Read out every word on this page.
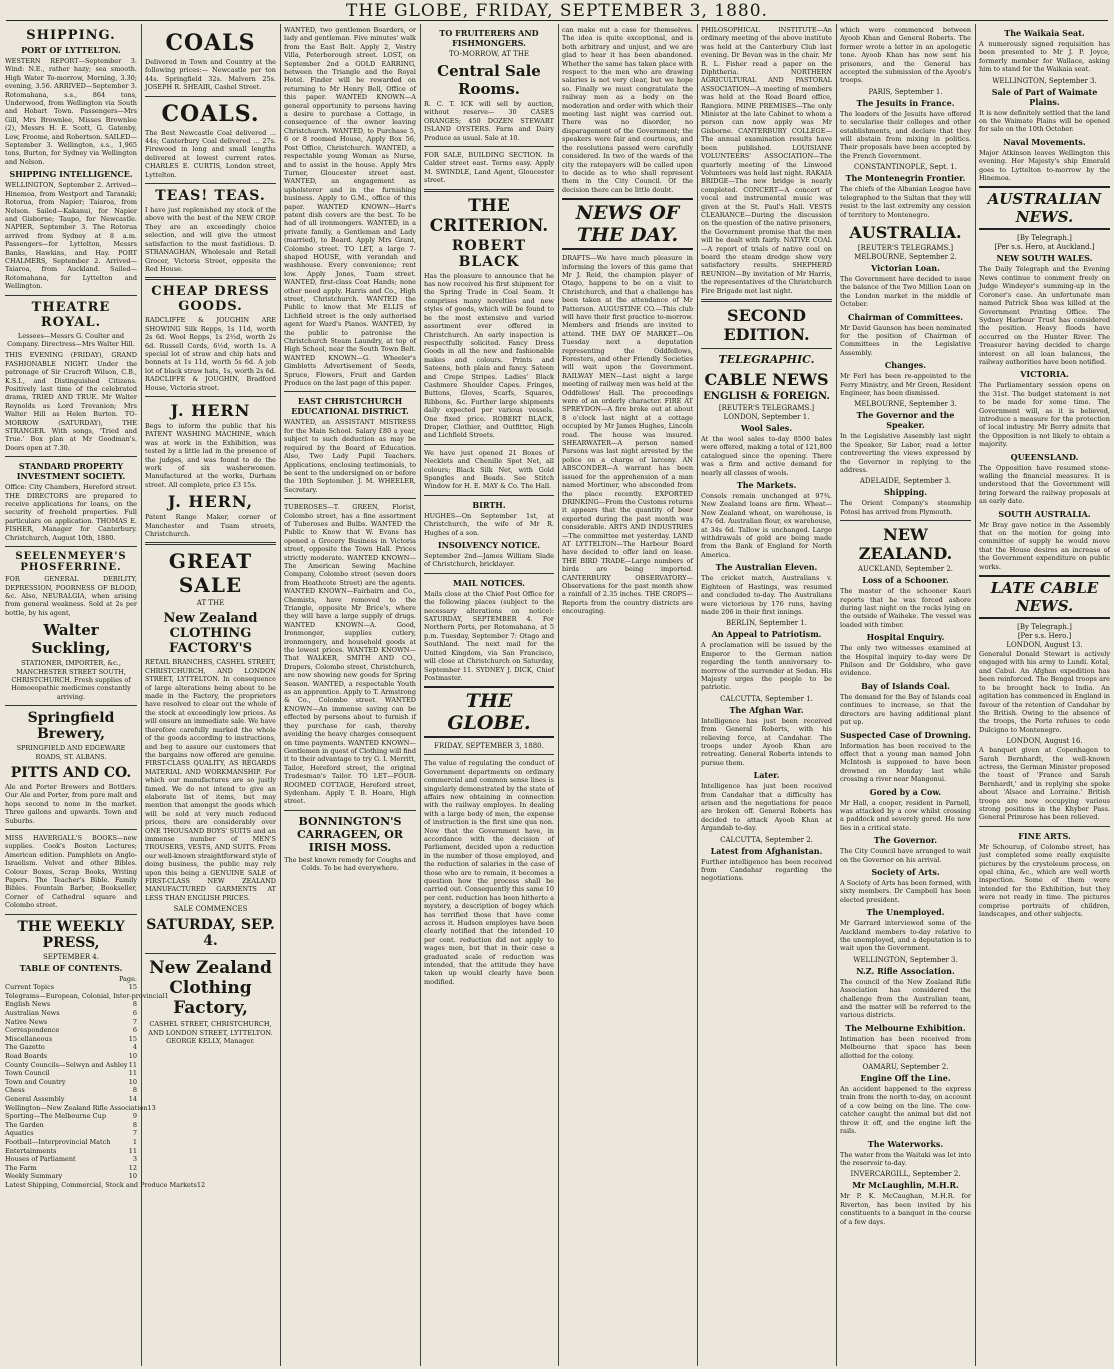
THE GLOBE, FRIDAY, SEPTEMBER 3, 1880.
SHIPPING.
PORT OF LYTTELTON.

WESTERN REPORT—September 3. Wind: N.E., rather hazy; sea smooth. High Water To-morrow, Morning, 3.30; evening, 3.56. ARRIVED—September 3. Rotomahana, s.s., 864 tons, Underwood, from Wellington via South and Hobart Town. Passengers—Mrs Gill, Mrs Brownlee, Misses Brownlee (2), Messrs H. E. Scott, G. Gatenby, Low, Froome, and Robertson. SAILED—September 3. Wellington, s.s., 1,965 tons, Burton, for Sydney via Wellington and Nelson.

SHIPPING INTELLIGENCE.

WELLINGTON, September 2. Arrived—Hinemoa, from Westport and Taranaki; Rotorua, from Napier; Taiaroa, from Nelson. Sailed—Kakanui, for Napier and Gisborne; Taupo, for Newcastle. NAPIER, September 3. The Rotorua arrived from Sydney at 8 a.m. Passengers—for Lyttelton, Messrs Banks, Hawkins, and Hay. PORT CHALMERS, September 2. Arrived—Taiaroa, from Auckland. Sailed—Rotomahana, for Lyttelton and Wellington.

THEATRE ROYAL.

Lessees—Messrs G. Coulter and Company. Directress—Mrs Walter Hill.

THIS EVENING (FRIDAY), GRAND FASHIONABLE NIGHT. Under the patronage of Sir Cracroft Wilson, C.B., K.S.I., and Distinguished Citizens. Positively last time of the celebrated drama, TRIED AND TRUE. Mr Walter Reynolds as Lord Trevanion; Mrs Walter Hill as Helen Burton. TO-MORROW (SATURDAY), THE STRANGER. With songs, 'Tried and True.' Box plan at Mr Goodman's. Doors open at 7.30.

STANDARD PROPERTY INVESTMENT SOCIETY.

Office: City Chambers, Hereford street. THE DIRECTORS are prepared to receive applications for loans, on the security of freehold properties. Full particulars on application. THOMAS E. FISHER, Manager for Canterbury. Christchurch, August 10th, 1880.

SEELENMEYER'S PHOSFERRINE.

FOR GENERAL DEBILITY, DEPRESSION, POORNESS OF BLOOD, &c. Also, NEURALGIA, when arising from general weakness. Sold at 2s per bottle, by his agent,

Walter Suckling,

STATIONER, IMPORTER, &c., MANCHESTER STREET SOUTH, CHRISTCHURCH. Fresh supplies of Homoeopathic medicines constantly arriving.

Springfield Brewery,

SPRINGFIELD AND EDGEWARE ROADS, ST. ALBANS.

PITTS AND CO.

Ale and Porter Brewers and Bottlers. Our Ale and Porter, from pure malt and hops second to none in the market. Three gallons and upwards. Town and Suburbs.

MISS HAVERGALL'S BOOKS—new supplies. Cook's Boston Lectures; American edition. Pamphlets on Anglo-Israelism. Velvet and other Bibles. Colour Boxes, Scrap Books, Writing Papers. The Teacher's Bible. Family Bibles. Fountain Barber, Bookseller, Corner of Cathedral square and Colombo street.

THE WEEKLY PRESS,
SEPTEMBER 4.
TABLE OF CONTENTS.
Page.
Current Topics	15
Telegrams—European, Colonial, Inter-provincial 1
English News	8
Australian News	6
Native News	7
Correspondence	6
Miscellaneous	15
The Gazette	4
Road Boards	10
County Councils—Selwyn and Ashley 11
Town Council	11
Town and Country	10
Chess	8
General Assembly	14
Wellington—New Zealand Rifle Association 13
Sporting—The Melbourne Cup	9
The Garden	8
Aquatics	7
Football—Interprovincial Match	1
Entertainments	11
Houses of Parliament	3
The Farm	12
Weekly Summary	10
Latest Shipping, Commercial, Stock and Produce Markets 12
COALS

Delivered in Town and Country at the following prices:— Newcastle per ton 44s. Springfield 32s. Malvern 25s. JOSEPH R. SHEAIR, Cashel Street.

COALS.

The Best Newcastle Coal delivered ... 44s; Canterbury Coal delivered ... 27s. Firewood in long and small lengths delivered at lowest current rates. CHARLES E. CURTIS, London street, Lyttelton.

TEAS! TEAS.

I have just replenished my stock of the above with the best of the NEW CROP. They are an exceedingly choice selection, and will give the utmost satisfaction to the most fastidious. D. STRANAGHAN, Wholesale and Retail Grocer, Victoria Street, opposite the Red House.

CHEAP DRESS GOODS.

RADCLIFFE & JOUGHIN ARE SHOWING Silk Repps, 1s 11d, worth 2s 6d. Wool Repps, 1s 2½d, worth 2s 6d. Russell Cords, 6½d, worth 1s. A special lot of straw and chip hats and bonnets at 1s 11d, worth 5s 6d. A job lot of black straw hats, 1s, worth 2s 6d. RADCLIFFE & JOUGHIN, Bradford House, Victoria street.

J. HERN

Begs to inform the public that his PATENT WASHING MACHINE, which was at work in the Exhibition, was tested by a little lad in the presence of the judges, and was found to do the work of six washerwomen. Manufactured at the works, Durham street. All complete, price £3 15s.

J. HERN,

Patent Range Maker, corner of Manchester and Tuam streets, Christchurch.

GREAT SALE
AT THE
New Zealand CLOTHING FACTORY'S

RETAIL BRANCHES, CASHEL STREET, CHRISTCHURCH, AND LONDON STREET, LYTTELTON. In consequence of large alterations being about to be made in the Factory, the proprietors have resolved to clear out the whole of the stock at exceedingly low prices. As will ensure an immediate sale. We have therefore carefully marked the whole of the goods according to instructions, and beg to assure our customers that the bargains now offered are genuine. FIRST-CLASS QUALITY, AS REGARDS MATERIAL AND WORKMANSHIP. For which our manufactures are so justly famed. We do not intend to give an elaborate list of items, but may mention that amongst the goods which will be sold at very much reduced prices, there are considerably over ONE THOUSAND BOYS' SUITS and an immense number of MEN'S TROUSERS, VESTS, AND SUITS. From our well-known straightforward style of doing business, the public may rely upon this being a GENUINE SALE of FIRST-CLASS NEW ZEALAND MANUFACTURED GARMENTS AT LESS THAN ENGLISH PRICES.

SALE COMMENCES
SATURDAY, SEP. 4.
New Zealand Clothing Factory,

CASHEL STREET, CHRISTCHURCH, AND LONDON STREET, LYTTELTON. GEORGE KELLY, Manager.

WANTED, two gentlemen Boarders, or lady and gentleman. Five minutes' walk from the East Belt. Apply 2, Vestry Villa, Peterborough street. LOST, on September 2nd a GOLD EARRING, between the Triangle and the Royal Hotel. Finder will be rewarded on returning to Mr Henry Bell, Office of this paper. WANTED KNOWN—A general opportunity to persons having a desire to purchase a Cottage, in consequence of the owner leaving Christchurch. WANTED, to Purchase 5, 6 or 8 roomed House, Apply Box 56, Post Office, Christchurch. WANTED, a respectable young Woman as Nurse, and to assist in the house. Apply Mrs Turner, Gloucester street east. WANTED, an engagement as upholsterer and in the furnishing business. Apply to G.M., office of this paper. WANTED KNOWN—Hart's patent dish covers are the best. To be had of all ironmongers. WANTED, in a private family, a Gentleman and Lady (married), to Board. Apply Mrs Grant, Colombo street. TO LET, a large 7-shaped HOUSE, with verandah and washhouse. Every convenience; rent low. Apply Jones, Tuam street. WANTED, first-class Coat Hands; none other need apply. Harris and Co., High street, Christchurch. WANTED the Public to know that Mr ELLIS of Lichfield street is the only authorised agent for Ward's Pianos. WANTED, by the public to patronise the Christchurch Steam Laundry, at top of High School, near the South Town Belt. WANTED KNOWN—G. Wheeler's Gimbletts Advertisement of Seeds, Spruce, Flowers, Fruit and Garden Produce on the last page of this paper.

EAST CHRISTCHURCH EDUCATIONAL DISTRICT.

WANTED, an ASSISTANT MISTRESS for the Main School. Salary £80 a year, subject to such deduction as may be required by the Board of Education. Also, Two Lady Pupil Teachers. Applications, enclosing testimonials, to be sent to the undersigned on or before the 10th September. J. M. WHEELER, Secretary.

TUBEROSES—T. GREEN, Florist, Colombo street, has a fine assortment of Tuberoses and Bulbs. WANTED the Public to Know that W. Evans has opened a Grocery Business in Victoria street, opposite the Town Hall. Prices strictly moderate. WANTED KNOWN—The American Sewing Machine Company, Colombo street (seven doors from Heathcote Street) are the agents. WANTED KNOWN—Fairbairn and Co., Chemists, have removed to the Triangle, opposite Mr Brice's, where they will have a large supply of drugs. WANTED KNOWN—A. Good, Ironmonger, supplies cutlery, ironmongery, and household goods at the lowest prices. WANTED KNOWN—That WALKER, SMITH AND CO., Drapers, Colombo street, Christchurch, are now showing new goods for Spring Season. WANTED, a respectable Youth as an apprentice. Apply to T. Armstrong & Co., Colombo street. WANTED KNOWN—An immense saving can be effected by persons about to furnish if they purchase for cash, thereby avoiding the heavy charges consequent on time payments. WANTED KNOWN—Gentlemen in quest of Clothing will find it to their advantage to try G. I. Merritt, Tailor, Hereford street, the original Tradesman's Tailor. TO LET—FOUR-ROOMED COTTAGE, Hereford street, Sydenham. Apply T. B. Hoare, High street.

BONNINGTON'S CARRAGEEN, OR IRISH MOSS.

The best known remedy for Coughs and Colds. To be had everywhere.

TO FRUITERERS AND FISHMONGERS.
TO-MORROW, AT THE
Central Sale Rooms.

R. C. T. ICK will sell by auction, without reserve— 30 CASES ORANGES; 450 DOZEN STEWART ISLAND OYSTERS. Farm and Dairy Produce as usual. Sale at 10.

FOR SALE, BUILDING SECTION. In Calder street east. Terms easy. Apply M. SWINDLE, Land Agent, Gloucester street.

THE CRITERION.
ROBERT BLACK

Has the pleasure to announce that he has now received his first shipment for the Spring Trade in Coal Seam. It comprises many novelties and new styles of goods, which will be found to be the most extensive and varied assortment ever offered in Christchurch. An early inspection is respectfully solicited. Fancy Dress Goods in all the new and fashionable makes and colours. Prints and Sateens, both plain and fancy. Sateen and Crepe Stripes. Ladies' Black Cashmere Shoulder Capes. Fringes, Buttons, Gloves, Scarfs, Squares, Ribbons, &c. Further large shipments daily expected per various vessels. One fixed price. ROBERT BLACK, Draper, Clothier, and Outfitter, High and Lichfield Streets.

We have just opened 21 Boxes of Necklets and Chenille Spot Net, all colours; Black Silk Net, with Gold Spangles and Beads. See Stitch Window for H. E. MAY & Co. The Hall.

BIRTH.

HUGHES—On September 1st, at Christchurch, the wife of Mr R. Hughes of a son.

INSOLVENCY NOTICE.

September 2nd—James William Slade of Christchurch, bricklayer.

MAIL NOTICES.

Mails close at the Chief Post Office for the following places (subject to the necessary alterations on notice): SATURDAY, SEPTEMBER 4. For Northern Ports, per Rotomahana, at 5 p.m. Tuesday, September 7: Otago and Southland. The next mail for the United Kingdom, via San Francisco, will close at Christchurch on Saturday, September 11. SYDNEY J. DICK, Chief Postmaster.

THE GLOBE.
FRIDAY, SEPTEMBER 3, 1880.

The value of regulating the conduct of Government departments on ordinary commercial and common sense lines is singularly demonstrated by the state of affairs now obtaining in connection with the railway employes. In dealing with a large body of men, the expense of instruction is the first sine qua non. Now that the Government have, in accordance with the decision of Parliament, decided upon a reduction in the number of those employed, and the reduction of salaries in the case of those who are to remain, it becomes a question how the process shall be carried out. Consequently this same 10 per cent. reduction has been hitherto a mystery, a description of bogey which has terrified those that have come across it. Hudson employes have been clearly notified that the intended 10 per cent. reduction did not apply to wages men, but that in their case a graduated scale of reduction was intended, that the attitude they have taken up would clearly have been modified.

can make out a case for themselves. The idea is quite exceptional, and is both arbitrary and unjust, and we are glad to hear it has been abandoned. Whether the same has taken place with respect to the men who are drawing salaries is not very clear, but we hope so. Finally we must congratulate the railway men as a body on the moderation and order with which their meeting last night was carried out. There was no disorder, no disparagement of the Government; the speakers were fair and courteous, and the resolutions passed were carefully considered. In two of the wards of the city the ratepayers will be called upon to decide as to who shall represent them in the City Council. Of the decision there can be little doubt.

NEWS OF THE DAY.

DRAFTS—We have much pleasure in informing the lovers of this game that Mr J. Reid, the champion player of Otago, happens to be on a visit to Christchurch, and that a challenge has been taken at the attendance of Mr Patterson. AUGUSTINE CO.—This club will have their first practice to-morrow. Members and friends are invited to attend. THE DAY OF MARKET—On Tuesday next a deputation representing the Oddfellows, Foresters, and other Friendly Societies will wait upon the Government. RAILWAY MEN—Last night a large meeting of railway men was held at the Oddfellows' Hall. The proceedings were of an orderly character. FIRE AT SPREYDON—A fire broke out at about 8 o'clock last night at a cottage occupied by Mr James Hughes, Lincoln road. The house was insured. SHEARWATER—A person named Parsons was last night arrested by the police on a charge of larceny. AN ABSCONDER—A warrant has been issued for the apprehension of a man named Mortimer, who absconded from the place recently. EXPORTED DRINKING—From the Customs returns it appears that the quantity of beer exported during the past month was considerable. ARTS AND INDUSTRIES—The committee met yesterday. LAND AT LYTTELTON—The Harbour Board have decided to offer land on lease. THE BIRD TRADE—Large numbers of birds are being imported. CANTERBURY OBSERVATORY—Observations for the past month show a rainfall of 2.35 inches. THE CROPS—Reports from the country districts are encouraging.

PHILOSOPHICAL INSTITUTE—An ordinary meeting of the above institute was held at the Canterbury Club last evening. Dr Bevan was in the chair. Mr R. L. Fisher read a paper on the Diphtheria. NORTHERN AGRICULTURAL AND PASTORAL ASSOCIATION—A meeting of members was held at the Road Board office, Rangiora. MINE PREMISES—The only Minister at the late Cabinet to whom a person can now apply was Mr Gisborne. CANTERBURY COLLEGE—The annual examination results have been published. LOUISIANE VOLUNTEERS' ASSOCIATION—The quarterly meeting of the Linwood Volunteers was held last night. RAKAIA BRIDGE—The new bridge is nearly completed. CONCERT—A concert of vocal and instrumental music was given at the St. Paul's Hall. VESTS CLEARANCE—During the discussion on the question of the native prisoners, the Government promise that the men will be dealt with fairly. NATIVE COAL—A report of trials of native coal on board the steam dredge show very satisfactory results. SHEPHERD REUNION—By invitation of Mr Harris, the representatives of the Christchurch Fire Brigade met last night.

SECOND EDITION.
TELEGRAPHIC.
CABLE NEWS
ENGLISH & FOREIGN.
[REUTER'S TELEGRAMS.]
LONDON, September 1.
Wool Sales.

At the wool sales to-day 8500 bales were offered, making a total of 121,800 catalogued since the opening. There was a firm and active demand for nearly all classes of wools.

The Markets.

Consols remain unchanged at 97¾. New Zealand loans are firm. Wheat—New Zealand wheat, on warehouse, is 47s 6d. Australian flour, ex warehouse, at 34s 6d. Tallow is unchanged. Large withdrawals of gold are being made from the Bank of England for North America.

The Australian Eleven.

The cricket match, Australians v. Eighteen of Hastings, was resumed and concluded to-day. The Australians were victorious by 176 runs, having made 206 in their first innings.

BERLIN, September 1.
An Appeal to Patriotism.

A proclamation will be issued by the Emperor to the German nation regarding the tenth anniversary to-morrow of the surrender at Sedan. His Majesty urges the people to be patriotic.

CALCUTTA, September 1.
The Afghan War.

Intelligence has just been received from General Roberts, with his relieving force, at Candahar. The troops under Ayoob Khan are retreating. General Roberts intends to pursue them.

Later.

Intelligence has just been received from Candahar that a difficulty has arisen and the negotiations for peace are broken off. General Roberts has decided to attack Ayoob Khan at Argandab to-day.

CALCUTTA, September 2.
Latest from Afghanistan.

Further intelligence has been received from Candahar regarding the negotiations.

which were commenced between Ayoob Khan and General Roberts. The former wrote a letter in an apologetic tone. Ayoob Khan has now sent his prisoners, and the General has accepted the submission of the Ayoob's troops.

PARIS, September 1.
The Jesuits in France.

The leaders of the Jesuits have offered to secularise their colleges and other establishments, and declare that they will abstain from mixing in politics. Their proposals have been accepted by the French Government.

CONSTANTINOPLE, Sept. 1.
The Montenegrin Frontier.

The chiefs of the Albanian League have telegraphed to the Sultan that they will resist to the last extremity any cession of territory to Montenegro.

AUSTRALIA.
[REUTER'S TELEGRAMS.]
MELBOURNE, September 2.
Victorian Loan.

The Government have decided to issue the balance of the Two Million Loan on the London market in the middle of October.

Chairman of Committees.

Mr David Gaunson has been nominated for the position of Chairman of Committees in the Legislative Assembly.

Changes.

Mr Ferl has been re-appointed to the Ferry Ministry, and Mr Green, Resident Engineer, has been dismissed.

MELBOURNE, September 3.
The Governor and the Speaker.

In the Legislative Assembly last night the Speaker, Sir Labor, read a letter controverting the views expressed by the Governor in replying to the address.

ADELAIDE, September 3.
Shipping.

The Orient Company's steamship Potosi has arrived from Plymouth.

NEW ZEALAND.
AUCKLAND, September 2.
Loss of a Schooner.

The master of the schooner Kauri reports that he was forced ashore during last night on the rocks lying on the outside of Waiheke. The vessel was loaded with timber.

Hospital Enquiry.

The only two witnesses examined at the Hospital inquiry to-day were Dr Philson and Dr Goldsbro, who gave evidence.

Bay of Islands Coal.

The demand for the Bay of Islands coal continues to increase, so that the directors are having additional plant put up.

Suspected Case of Drowning.

Information has been received to the effect that a young man named John McIntosh is supposed to have been drowned on Monday last while crossing a river near Mangonui.

Gored by a Cow.

Mr Hall, a cooper, resident in Parnell, was attacked by a cow whilst crossing a paddock and severely gored. He now lies in a critical state.

The Governor.

The City Council have arranged to wait on the Governor on his arrival.

Society of Arts.

A Society of Arts has been formed, with sixty members. Dr Campbell has been elected president.

The Unemployed.

Mr Garrard interviewed some of the Auckland members to-day relative to the unemployed, and a deputation is to wait upon the Government.

WELLINGTON, September 3.
N.Z. Rifle Association.

The council of the New Zealand Rifle Association has considered the challenge from the Australian team, and the matter will be referred to the various districts.

The Melbourne Exhibition.

Intimation has been received from Melbourne that space has been allotted for the colony.

OAMARU, September 2.
Engine Off the Line.

An accident happened to the express train from the north to-day, on account of a cow being on the line. The cow-catcher caught the animal but did not throw it off, and the engine left the rails.

The Waterworks.

The water from the Waitaki was let into the reservoir to-day.

INVERCARGILL, September 2.
Mr McLaughlin, M.H.R.

Mr P. K. McCaughan, M.H.R. for Riverton, has been invited by his constituents to a banquet in the course of a few days.

The Waikaia Seat.

A numerously signed requisition has been presented to Mr J. P. Joyce, formerly member for Wallace, asking him to stand for the Waikaia seat.

WELLINGTON, September 3.
Sale of Part of Waimate Plains.

It is now definitely settled that the land on the Waimate Plains will be opened for sale on the 10th October.

Naval Movements.

Major Atkinson leaves Wellington this evening. Her Majesty's ship Emerald goes to Lyttelton to-morrow by the Hinemoa.

AUSTRALIAN NEWS.
[By Telegraph.]
[Per s.s. Hero, at Auckland.]
NEW SOUTH WALES.

The Daily Telegraph and the Evening News continue to comment freely on Judge Windeyer's summing-up in the Coroner's case. An unfortunate man named Patrick Shea was killed at the Government Printing Office. The Sydney Harbour Trust has considered the position. Heavy floods have occurred on the Hunter River. The Treasurer having decided to charge interest on all loan balances, the railway authorities have been notified.

VICTORIA.

The Parliamentary session opens on the 31st. The budget statement is not to be made for some time. The Government will, as it is believed, introduce a measure for the protection of local industry. Mr Berry admits that the Opposition is not likely to obtain a majority.

QUEENSLAND.

The Opposition have resumed stone-walling the financial measures. It is understood that the Government will bring forward the railway proposals at an early date.

SOUTH AUSTRALIA.

Mr Bray gave notice in the Assembly that on the motion for going into committee of supply he would move that the House desires an increase of the Government expenditure on public works.

LATE CABLE NEWS.
[By Telegraph.]
[Per s.s. Hero.]
LONDON, August 13.

Generalul Donald Stewart is actively engaged with his army to Lundi. Kotal, and Cabul. An Afghan expedition has been reinforced. The Bengal troops are to be brought back to India. An agitation has commenced in England in favour of the retention of Candahar by the British. Owing to the absence of the troops, the Porte refuses to cede Dulcigno to Montenegro.

LONDON, August 16.

A banquet given at Copenhagen to Sarah Bernhardt, the well-known actress, the German Minister proposed the toast of 'France and Sarah Bernhardt,' and in replying she spoke about 'Alsace and Lorraine.' British troops are now occupying various strong positions in the Khyber Pass. General Primrose has been relieved.

FINE ARTS.

Mr Schourup, of Colombo street, has just completed some really exquisite pictures by the crystoleum process, on opal china, &c., which are well worth inspection. Some of them were intended for the Exhibition, but they were not ready in time. The pictures comprise portraits of children, landscapes, and other subjects.
